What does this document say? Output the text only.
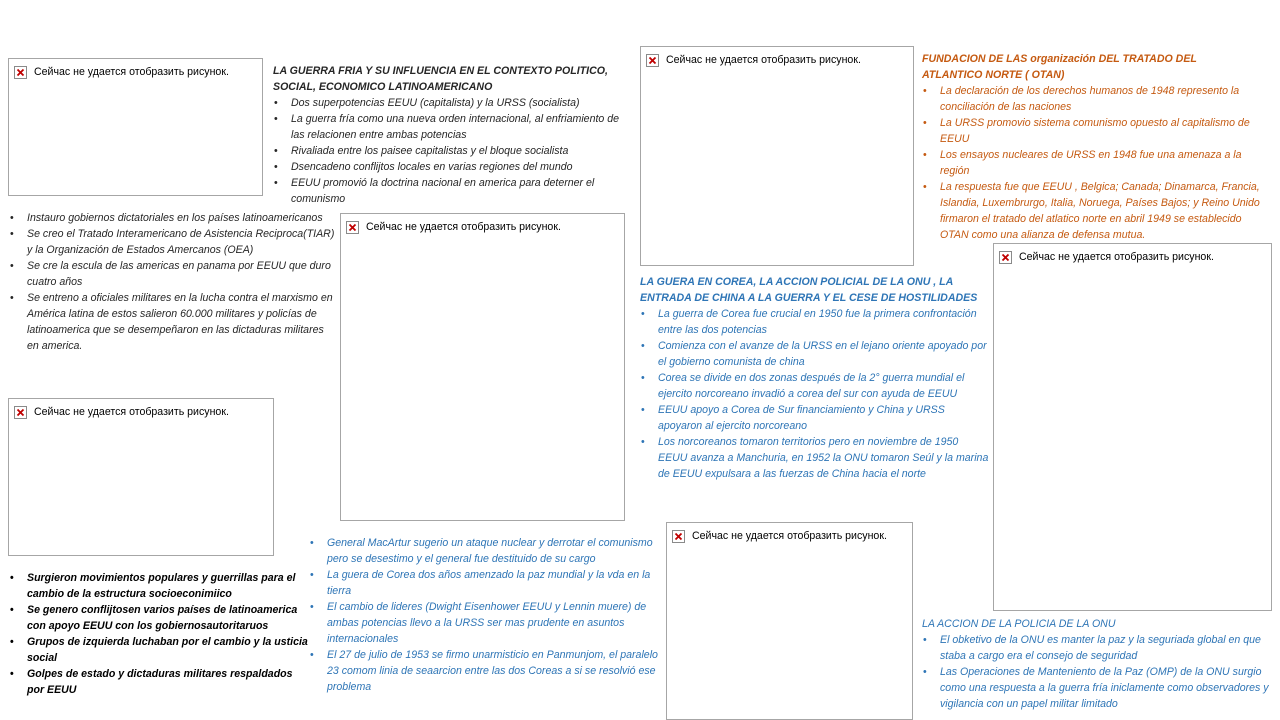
Сейчас не удается отобразить рисунок.
Сейчас не удается отобразить рисунок.
Сейчас не удается отобразить рисунок.
Сейчас не удается отобразить рисунок.
Сейчас не удается отобразить рисунок.
Сейчас не удается отобразить рисунок.
LA GUERRA FRIA Y SU INFLUENCIA EN EL CONTEXTO POLITICO, SOCIAL, ECONOMICO LATINOAMERICANO
• Dos superpotencias EEUU (capitalista) y la URSS (socialista)
• La guerra fría como una nueva orden internacional, al enfriamiento de las relacionen entre ambas potencias
• Rivaliada entre los paisee capitalistas y el bloque socialista
• Dsencadeno conflijtos locales en varias regiones del mundo
• EEUU promovió la doctrina nacional en america para deterner el comunismo
• Instauro gobiernos dictatoriales en los países latinoamericanos
• Se creo el Tratado Interamericano de Asistencia Reciproca(TIAR) y la Organización de Estados Amercanos (OEA)
• Se cre la escula de las americas en panama por EEUU que duro cuatro años
• Se entreno a oficiales militares en la lucha contra el marxismo en América latina de estos salieron 60.000 militares y policías de latinoamerica que se desempeñaron en las dictaduras militares en america.
• Surgieron movimientos populares y guerrillas para el cambio de la estructura socioeconimiico
• Se genero conflijtosen varios países de latinoamerica con apoyo EEUU con los gobiernosautoritaruos
• Grupos de izquierda luchaban por el cambio y la usticia social
• Golpes de estado y dictaduras militares respaldados por EEUU
FUNDACION DE LAS organización DEL TRATADO DEL ATLANTICO NORTE ( OTAN)
• La declaración de los derechos humanos de 1948 represento la conciliación de las naciones
• La URSS promovio sistema comunismo opuesto al capitalismo de EEUU
• Los ensayos nucleares de URSS en 1948 fue una amenaza a la región
• La respuesta fue que EEUU , Belgica; Canada; Dinamarca, Francia, Islandia, Luxembrurgo, Italia, Noruega, Países Bajos; y Reino Unido firmaron el tratado del atlatico norte en abril 1949 se establecido OTAN como una alianza de defensa mutua.
LA GUERA EN COREA, LA ACCION POLICIAL DE LA ONU , LA ENTRADA DE CHINA A LA GUERRA Y EL CESE DE HOSTILIDADES
• La guerra de Corea fue crucial en 1950 fue la primera confrontación entre las dos potencias
• Comienza con el avanze de la URSS en el lejano oriente apoyado por el gobierno comunista de china
• Corea se divide en dos zonas después de la 2° guerra mundial el ejercito norcoreano invadió a corea del sur con ayuda de EEUU
• EEUU apoyo a Corea de Sur financiamiento y China y URSS apoyaron al ejercito norcoreano
• Los norcoreanos tomaron territorios pero en noviembre de 1950 EEUU avanza a Manchuria, en 1952 la ONU tomaron Seúl y la marina de EEUU expulsara a las fuerzas de China hacia el norte
• General MacArtur sugerio un ataque nuclear y derrotar el comunismo pero se desestimo y el general fue destituido de su cargo
• La guera de Corea dos años amenzado la paz mundial y la vda en la tierra
• El cambio de lideres (Dwight Eisenhower EEUU y Lennin muere) de ambas potencias llevo a la URSS ser mas prudente en asuntos internacionales
• El 27 de julio de 1953 se firmo unarmisticio en Panmunjom, el paralelo 23 comom linia de seaarcion entre las dos Coreas a si se resolvió ese problema
LA ACCION DE LA POLICIA DE LA ONU
• El obketivo de la ONU es manter la paz y la seguriada global en que staba a cargo era el consejo de seguridad
• Las Operaciones de Manteniento de la Paz (OMP) de la ONU surgio como una respuesta a la guerra fría iniclamente como observadores y vigilancia con un papel militar limitado
